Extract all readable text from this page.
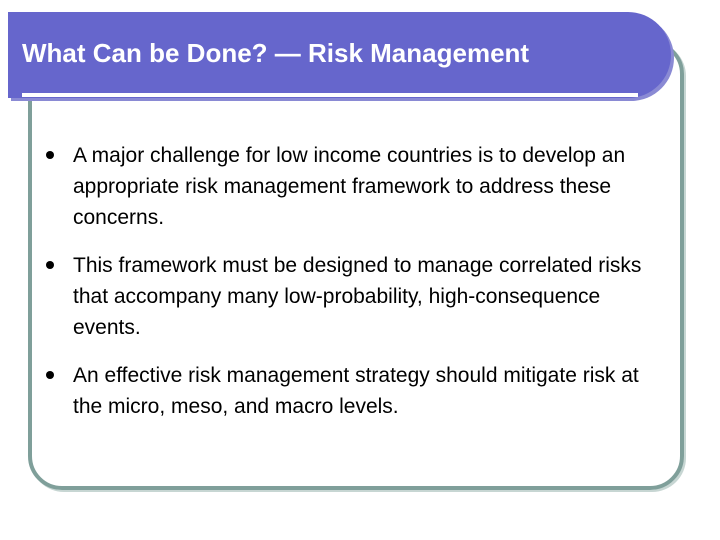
What Can be Done? — Risk Management
A major challenge for low income countries is to develop an appropriate risk management framework to address these concerns.
This framework must be designed to manage correlated risks that accompany many low-probability, high-consequence events.
An effective risk management strategy should mitigate risk at the micro, meso, and macro levels.
